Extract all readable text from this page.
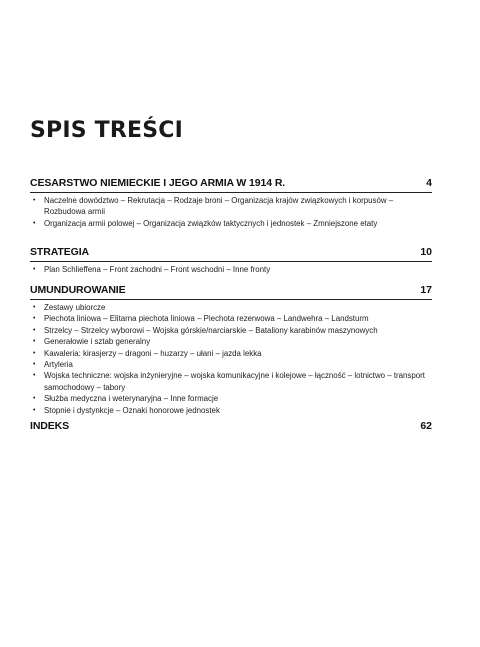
SPIS TREŚCI
CESARSTWO NIEMIECKIE I JEGO ARMIA W 1914 R.	4
• Naczelne dowództwo – Rekrutacja – Rodzaje broni – Organizacja krajów związkowych i korpusów – Rozbudowa armii
• Organizacja armii polowej – Organizacja związków taktycznych i jednostek – Zmniejszone etaty
STRATEGIA	10
• Plan Schlieffena – Front zachodni – Front wschodni – Inne fronty
UMUNDUROWANIE	17
• Zestawy ubiorcze
• Piechota liniowa – Elitarna piechota liniowa – Piechota rezerwowa – Landwehra – Landsturm
• Strzelcy – Strzelcy wyborowi – Wojska górskie/narciarskie – Bataliony karabinów maszynowych
• Generałowie i sztab generalny
• Kawaleria: kirasjerzy – dragoni – huzarzy – ułani – jazda lekka
• Artyleria
• Wojska techniczne: wojska inżynieryjne – wojska komunikacyjne i kolejowe – łączność – lotnictwo – transport samochodowy – tabory
• Służba medyczna i weterynaryjna – Inne formacje
• Stopnie i dystynkcje – Oznaki honorowe jednostek
INDEKS	62
